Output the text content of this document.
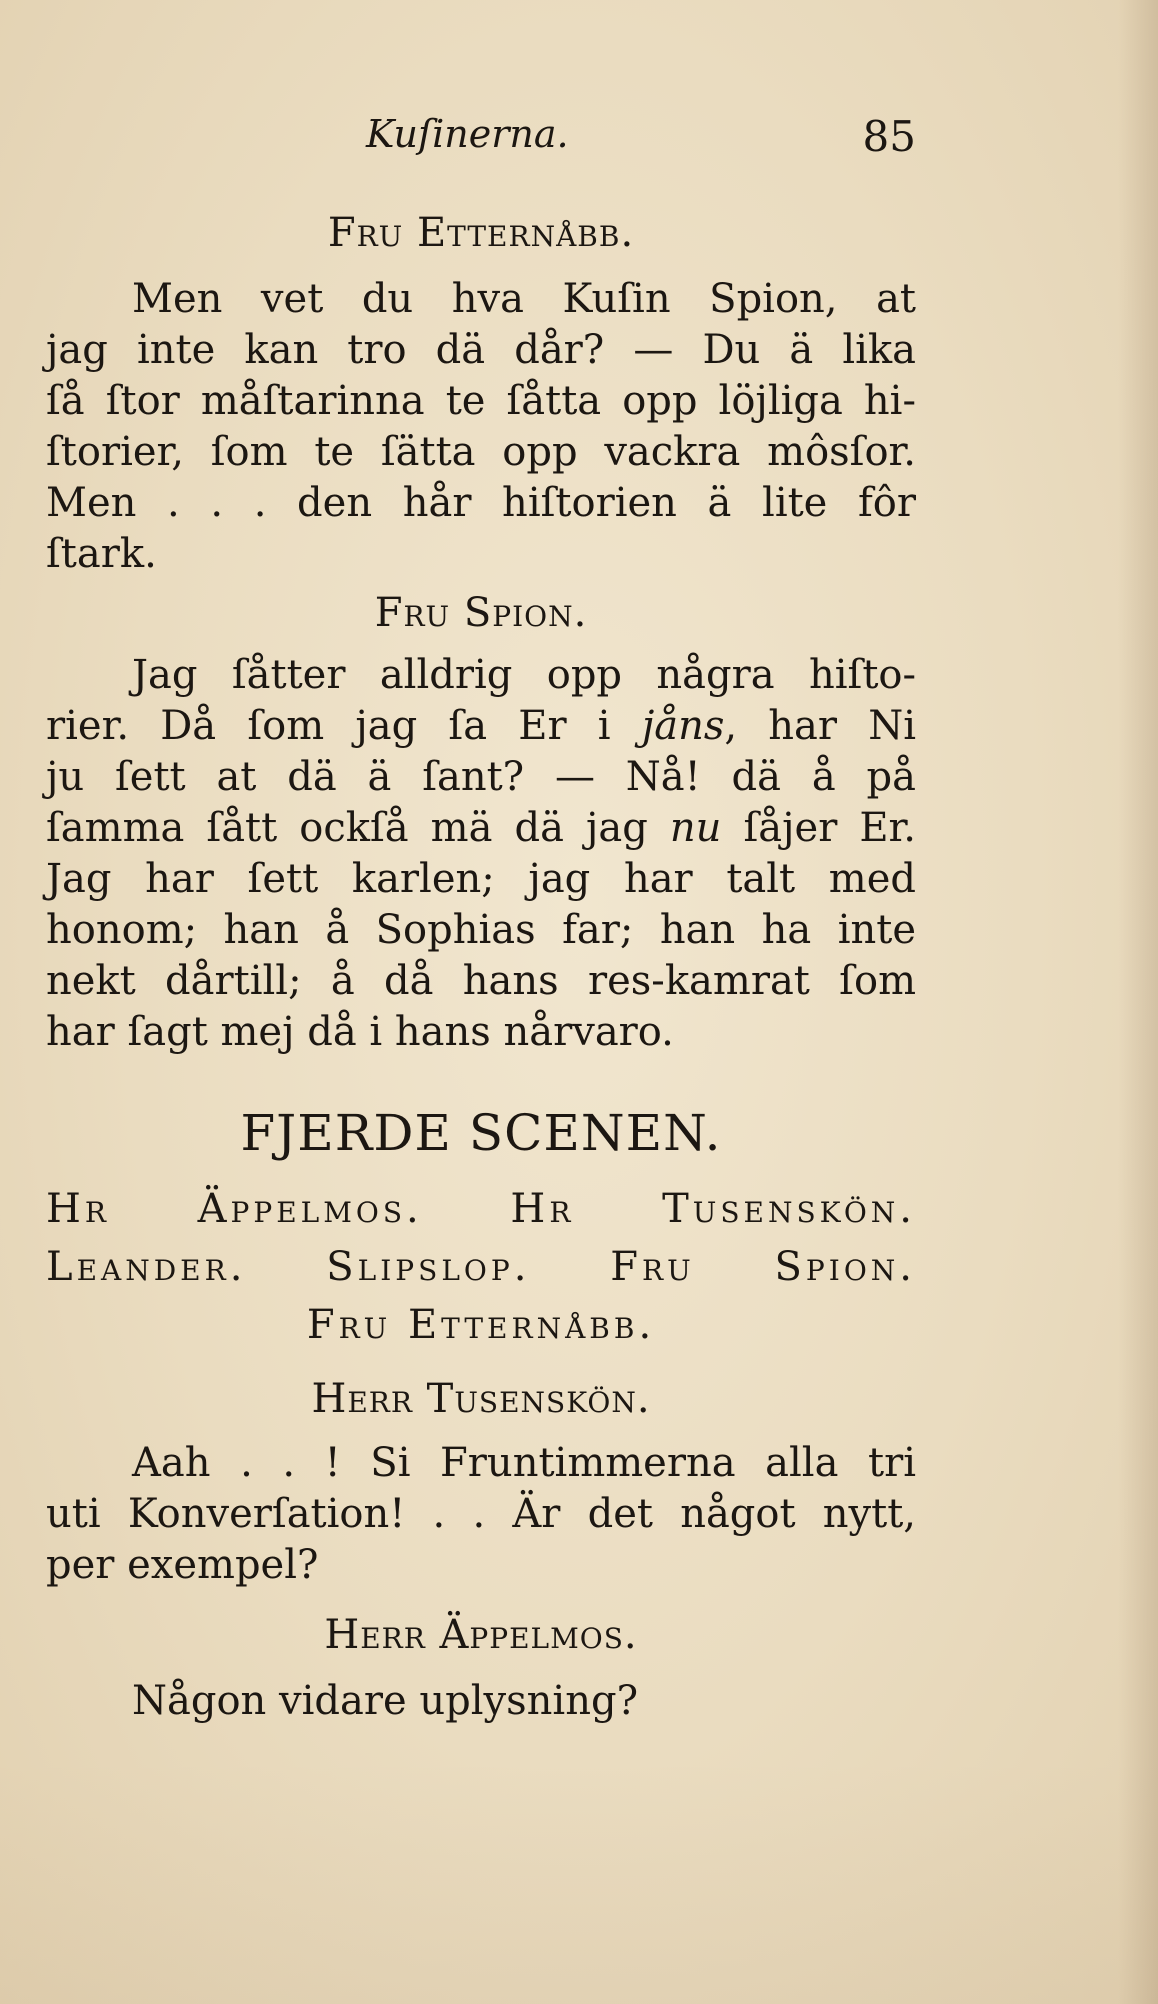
Kuſinerna.	85
Fru Etternåbb.
Men vet du hva Kuſin Spion, at
jag inte kan tro dä dår? — Du ä lika
ſå ſtor måſtarinna te ſåtta opp löjliga hi-
ſtorier, ſom te ſätta opp vackra môsſor.
Men . . . den hår hiſtorien ä lite fôr
ſtark.
Fru Spion.
Jag ſåtter alldrig opp några hiſto-
rier. Då ſom jag ſa Er i jåns, har Ni
ju ſett at dä ä ſant? — Nå! dä å på
ſamma ſått ockſå mä dä jag nu ſåjer Er.
Jag har ſett karlen; jag har talt med
honom; han å Sophias far; han ha inte
nekt dårtill; å då hans res-kamrat ſom
har ſagt mej då i hans nårvaro.
FJERDE SCENEN.
Hr Äppelmos. Hr Tusenskön.
Leander. Slipslop. Fru Spion.
Fru Etternåbb.
Herr Tusenskön.
Aah . . ! Si Fruntimmerna alla tri
uti Konverſation! . . Är det något nytt,
per exempel?
Herr Äppelmos.
Någon vidare uplysning?
